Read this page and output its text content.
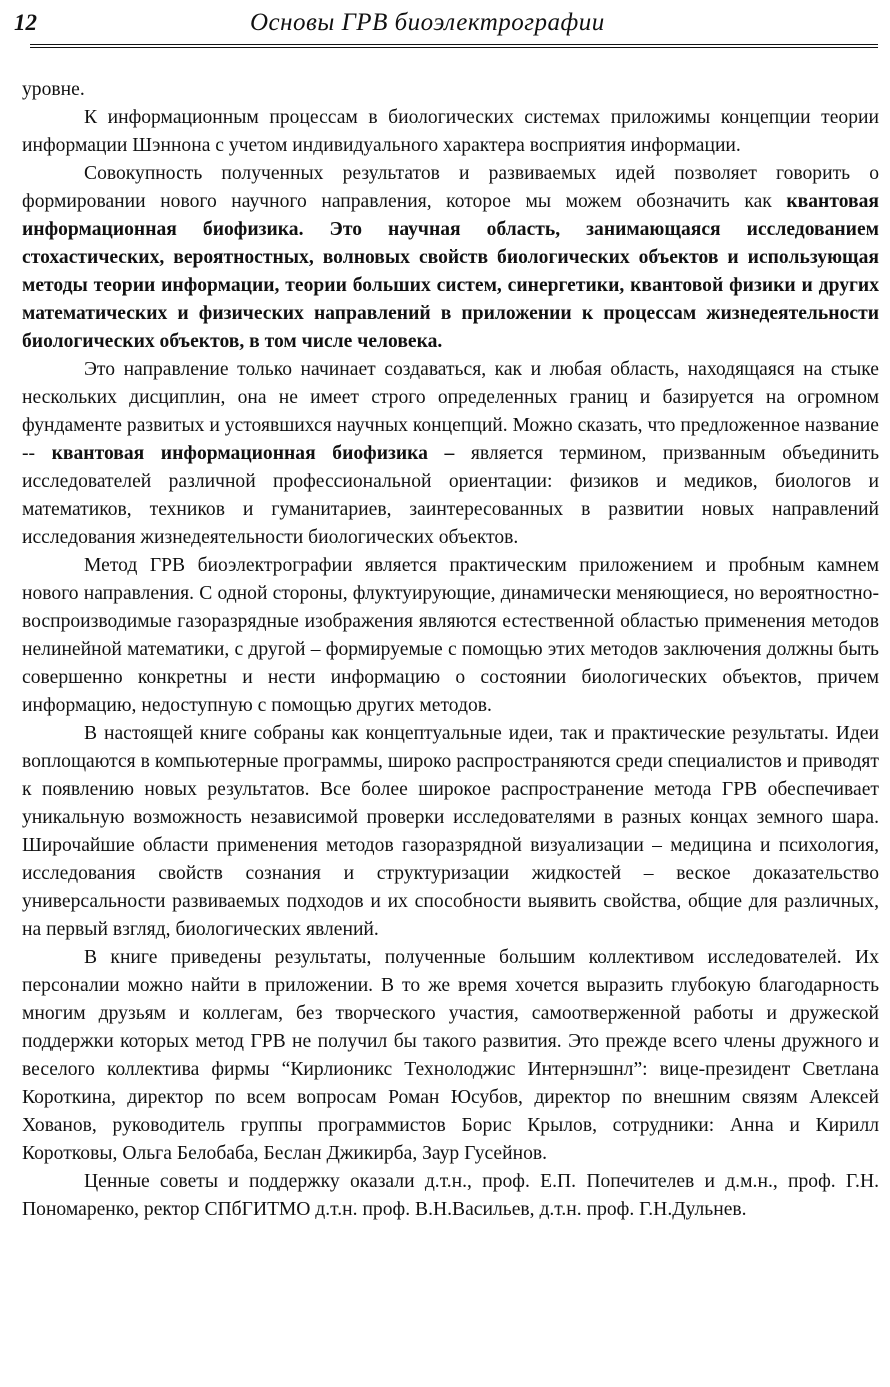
12	Основы ГРВ биоэлектрографии

уровне.

К информационным процессам в биологических системах приложимы концепции теории информации Шэннона с учетом индивидуального характера восприятия информации.

Совокупность полученных результатов и развиваемых идей позволяет говорить о формировании нового научного направления, которое мы можем обозначить как квантовая информационная биофизика. Это научная область, занимающаяся исследованием стохастических, вероятностных, волновых свойств биологических объектов и использующая методы теории информации, теории больших систем, синергетики, квантовой физики и других математических и физических направлений в приложении к процессам жизнедеятельности биологических объектов, в том числе человека.

Это направление только начинает создаваться, как и любая область, находящаяся на стыке нескольких дисциплин, она не имеет строго определенных границ и базируется на огромном фундаменте развитых и устоявшихся научных концепций. Можно сказать, что предложенное название -- квантовая информационная биофизика – является термином, призванным объединить исследователей различной профессиональной ориентации: физиков и медиков, биологов и математиков, техников и гуманитариев, заинтересованных в развитии новых направлений исследования жизнедеятельности биологических объектов.

Метод ГРВ биоэлектрографии является практическим приложением и пробным камнем нового направления. С одной стороны, флуктуирующие, динамически меняющиеся, но вероятностно- воспроизводимые газоразрядные изображения являются естественной областью применения методов нелинейной математики, с другой – формируемые с помощью этих методов заключения должны быть совершенно конкретны и нести информацию о состоянии биологических объектов, причем информацию, недоступную с помощью других методов.

В настоящей книге собраны как концептуальные идеи, так и практические результаты. Идеи воплощаются в компьютерные программы, широко распространяются среди специалистов и приводят к появлению новых результатов. Все более широкое распространение метода ГРВ обеспечивает уникальную возможность независимой проверки исследователями в разных концах земного шара. Широчайшие области применения методов газоразрядной визуализации – медицина и психология, исследования свойств сознания и структуризации жидкостей – веское доказательство универсальности развиваемых подходов и их способности выявить свойства, общие для различных, на первый взгляд, биологических явлений.

В книге приведены результаты, полученные большим коллективом исследователей. Их персоналии можно найти в приложении. В то же время хочется выразить глубокую благодарность многим друзьям и коллегам, без творческого участия, самоотверженной работы и дружеской поддержки которых метод ГРВ не получил бы такого развития. Это прежде всего члены дружного и веселого коллектива фирмы “Кирлионикс Технолоджис Интернэшнл”: вице-президент Светлана Короткина, директор по всем вопросам Роман Юсубов, директор по внешним связям Алексей Хованов, руководитель группы программистов Борис Крылов, сотрудники: Анна и Кирилл Коротковы, Ольга Белобаба, Беслан Джикирба, Заур Гусейнов.

Ценные советы и поддержку оказали д.т.н., проф. Е.П. Попечителев и д.м.н., проф. Г.Н. Пономаренко, ректор СПбГИТМО д.т.н. проф. В.Н.Васильев, д.т.н. проф. Г.Н.Дульнев.
